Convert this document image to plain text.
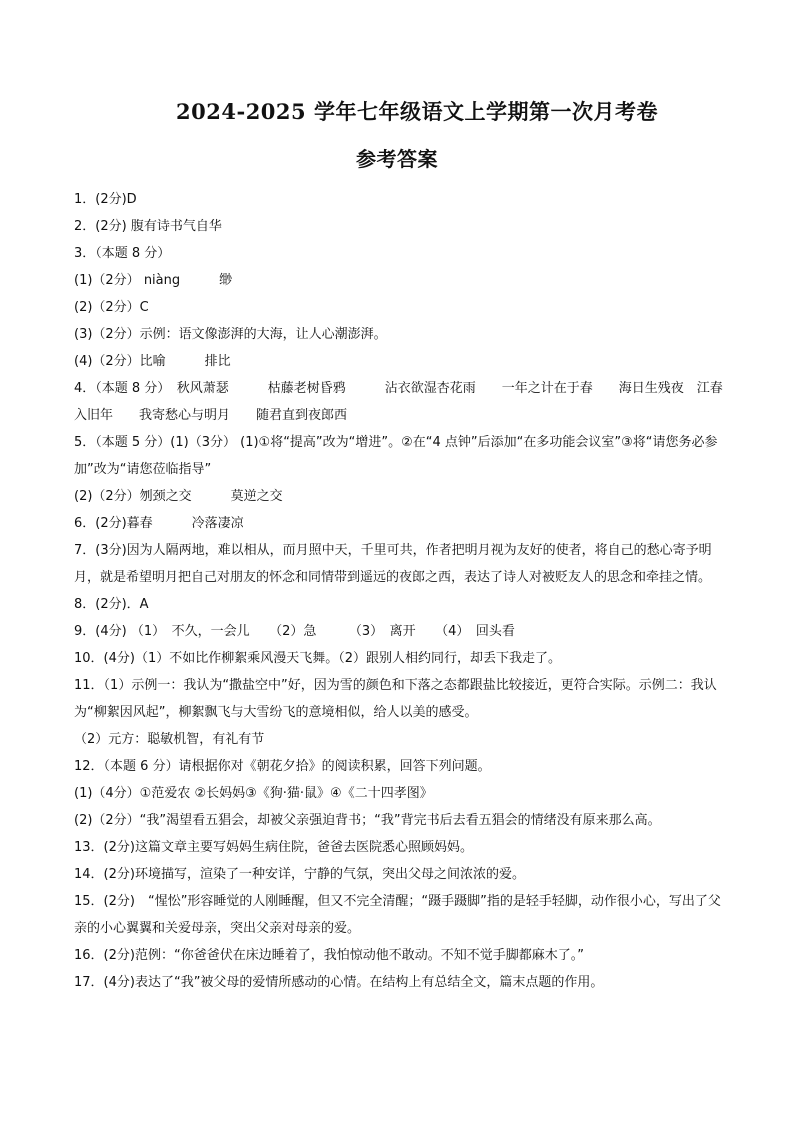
2024-2025 学年七年级语文上学期第一次月考卷
参考答案

1．(2分)D

2．(2分) 腹有诗书气自华

3．（本题 8 分）

(1)（2分） niàng　　　缈

(2)（2分）C

(3)（2分）示例：语文像澎湃的大海，让人心潮澎湃。

(4)（2分）比喻　　　排比

4．（本题 8 分）　秋风萧瑟　　　枯藤老树昏鸦　　　沾衣欲湿杏花雨　　一年之计在于春　　海日生残夜　江春入旧年　　我寄愁心与明月　　随君直到夜郎西

5．（本题 5 分）(1)（3分） (1)①将“提高”改为“增进”。②在“4 点钟”后添加“在多功能会议室”③将“请您务必参加”改为“请您莅临指导”

(2)（2分）刎颈之交　　　莫逆之交

6．(2分)暮春　　　冷落凄凉

7．(3分)因为人隔两地，难以相从，而月照中天，千里可共，作者把明月视为友好的使者，将自己的愁心寄予明月，就是希望明月把自己对朋友的怀念和同情带到遥远的夜郎之西，表达了诗人对被贬友人的思念和牵挂之情。

8．(2分)．A

9．(4分) （1）　不久，一会儿　　（2）急　　　（3）　离开　　（4）　回头看

10．(4分)（1）不如比作柳絮乘风漫天飞舞。（2）跟别人相约同行，却丢下我走了。

11．（1）示例一：我认为“撒盐空中”好，因为雪的颜色和下落之态都跟盐比较接近，更符合实际。示例二：我认为“柳絮因风起”，柳絮飘飞与大雪纷飞的意境相似，给人以美的感受。

（2）元方：聪敏机智，有礼有节

12．（本题 6 分）请根据你对《朝花夕拾》的阅读积累，回答下列问题。

(1)（4分）①范爱农 ②长妈妈③《狗·猫·鼠》④《二十四孝图》

(2)（2分）“我”渴望看五猖会，却被父亲强迫背书；“我”背完书后去看五猖会的情绪没有原来那么高。

13．(2分)这篇文章主要写妈妈生病住院，爸爸去医院悉心照顾妈妈。

14．(2分)环境描写，渲染了一种安详，宁静的气氛，突出父母之间浓浓的爱。

15．(2分)　“惺忪”形容睡觉的人刚睡醒，但又不完全清醒；“蹑手蹑脚”指的是轻手轻脚，动作很小心，写出了父亲的小心翼翼和关爱母亲，突出父亲对母亲的爱。

16．(2分)范例：“你爸爸伏在床边睡着了，我怕惊动他不敢动。不知不觉手脚都麻木了。”

17．(4分)表达了“我”被父母的爱情所感动的心情。在结构上有总结全文，篇末点题的作用。
